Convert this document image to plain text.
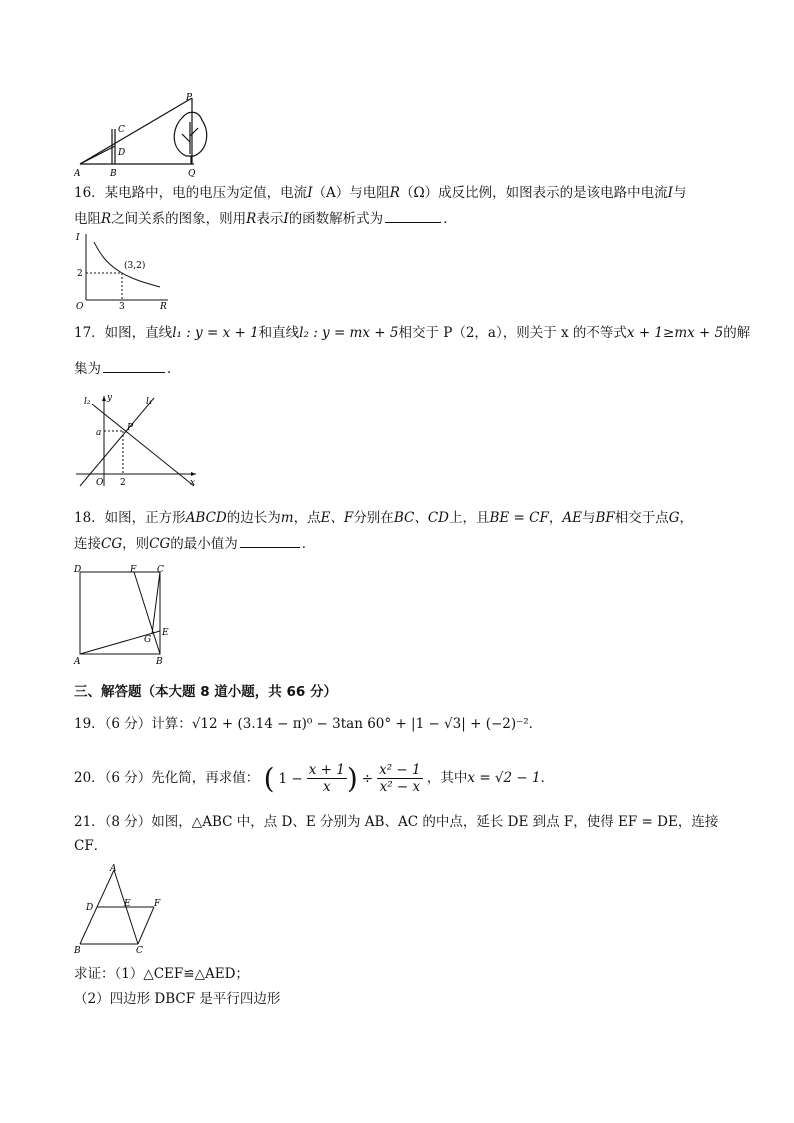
A	B
C
D
P
Q
16．某电路中，电的电压为定值，电流I（A）与电阻R（Ω）成反比例，如图表示的是该电路中电流I与
电阻R之间关系的图象，则用R表示I的函数解析式为	．
I
R
O
2
3
(3,2)
17．如图，直线l₁ : y = x + 1和直线l₂ : y = mx + 5相交于 P（2，a），则关于 x 的不等式x + 1≥mx + 5的解
集为	．
l₂	l₁
y
x
O 2
a	P
18．如图，正方形ABCD的边长为m，点E、F分别在BC、CD上，且BE = CF，AE与BF相交于点G，
连接CG，则CG的最小值为	．
D	F C
E
G
A	B
三、解答题（本大题 8 道小题，共 66 分）
19．（6 分）计算：√12 + (3.14 − π)⁰ − 3tan 60° + |1 − √3| + (−2)⁻²．
20．（6 分）先化简，再求值： ( $1 - \frac{x + 1}{x}$ ) ÷ $\frac{\text{x² − 1}}{\text{x² − x}}$ ，其中x = √2 − 1．
21．（8 分）如图，△ABC 中，点 D、E 分别为 AB、AC 的中点，延长 DE 到点 F，使得 EF = DE，连接
CF．
A
D	E	F
B	C
求证：（1）△CEF≌△AED；
（2）四边形 DBCF 是平行四边形
